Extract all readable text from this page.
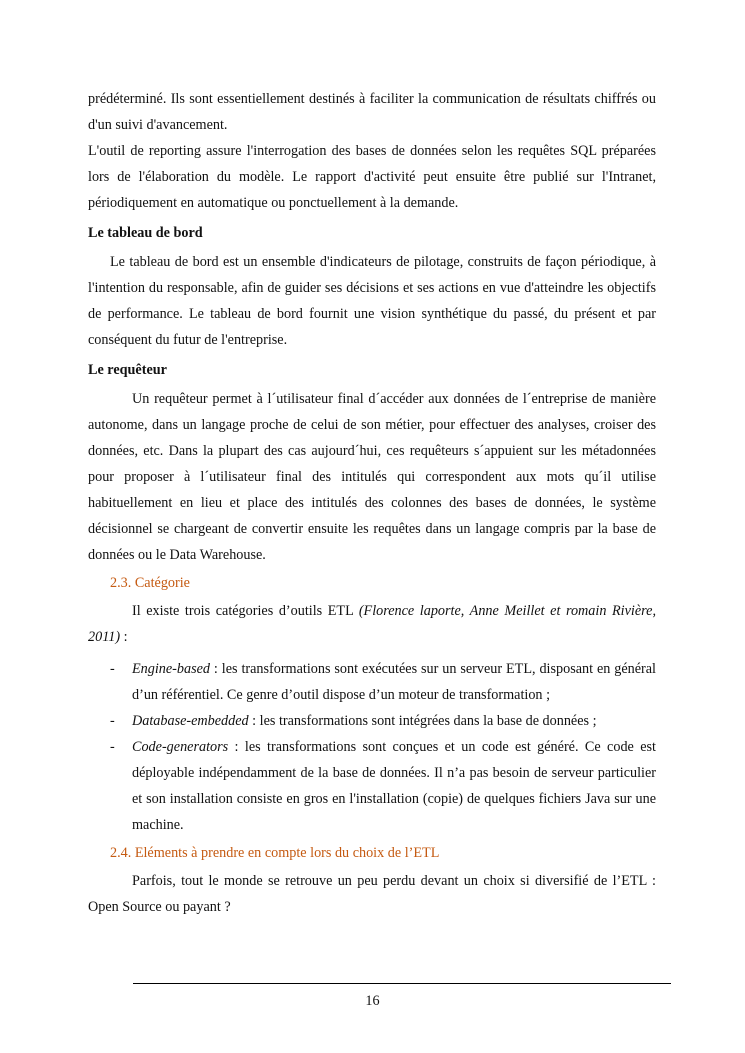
prédéterminé. Ils sont essentiellement destinés à faciliter la communication de résultats chiffrés ou d'un suivi d'avancement.

L'outil de reporting assure l'interrogation des bases de données selon les requêtes SQL préparées lors de l'élaboration du modèle. Le rapport d'activité peut ensuite être publié sur l'Intranet, périodiquement en automatique ou ponctuellement à la demande.

Le tableau de bord

Le tableau de bord est un ensemble d'indicateurs de pilotage, construits de façon périodique, à l'intention du responsable, afin de guider ses décisions et ses actions en vue d'atteindre les objectifs de performance. Le tableau de bord fournit une vision synthétique du passé, du présent et par conséquent du futur de l'entreprise.

Le requêteur

Un requêteur permet à l´utilisateur final d´accéder aux données de l´entreprise de manière autonome, dans un langage proche de celui de son métier, pour effectuer des analyses, croiser des données, etc. Dans la plupart des cas aujourd´hui, ces requêteurs s´appuient sur les métadonnées pour proposer à l´utilisateur final des intitulés qui correspondent aux mots qu´il utilise habituellement en lieu et place des intitulés des colonnes des bases de données, le système décisionnel se chargeant de convertir ensuite les requêtes dans un langage compris par la base de données ou le Data Warehouse.

2.3. Catégorie

Il existe trois catégories d’outils ETL (Florence laporte, Anne Meillet et romain Rivière, 2011) :

- Engine-based : les transformations sont exécutées sur un serveur ETL, disposant en général d’un référentiel. Ce genre d’outil dispose d’un moteur de transformation ;
- Database-embedded : les transformations sont intégrées dans la base de données ;
- Code-generators : les transformations sont conçues et un code est généré. Ce code est déployable indépendamment de la base de données. Il n’a pas besoin de serveur particulier et son installation consiste en gros en l'installation (copie) de quelques fichiers Java sur une machine.
2.4. Eléments à prendre en compte lors du choix de l’ETL

Parfois, tout le monde se retrouve un peu perdu devant un choix si diversifié de l’ETL : Open Source ou payant ?

16
